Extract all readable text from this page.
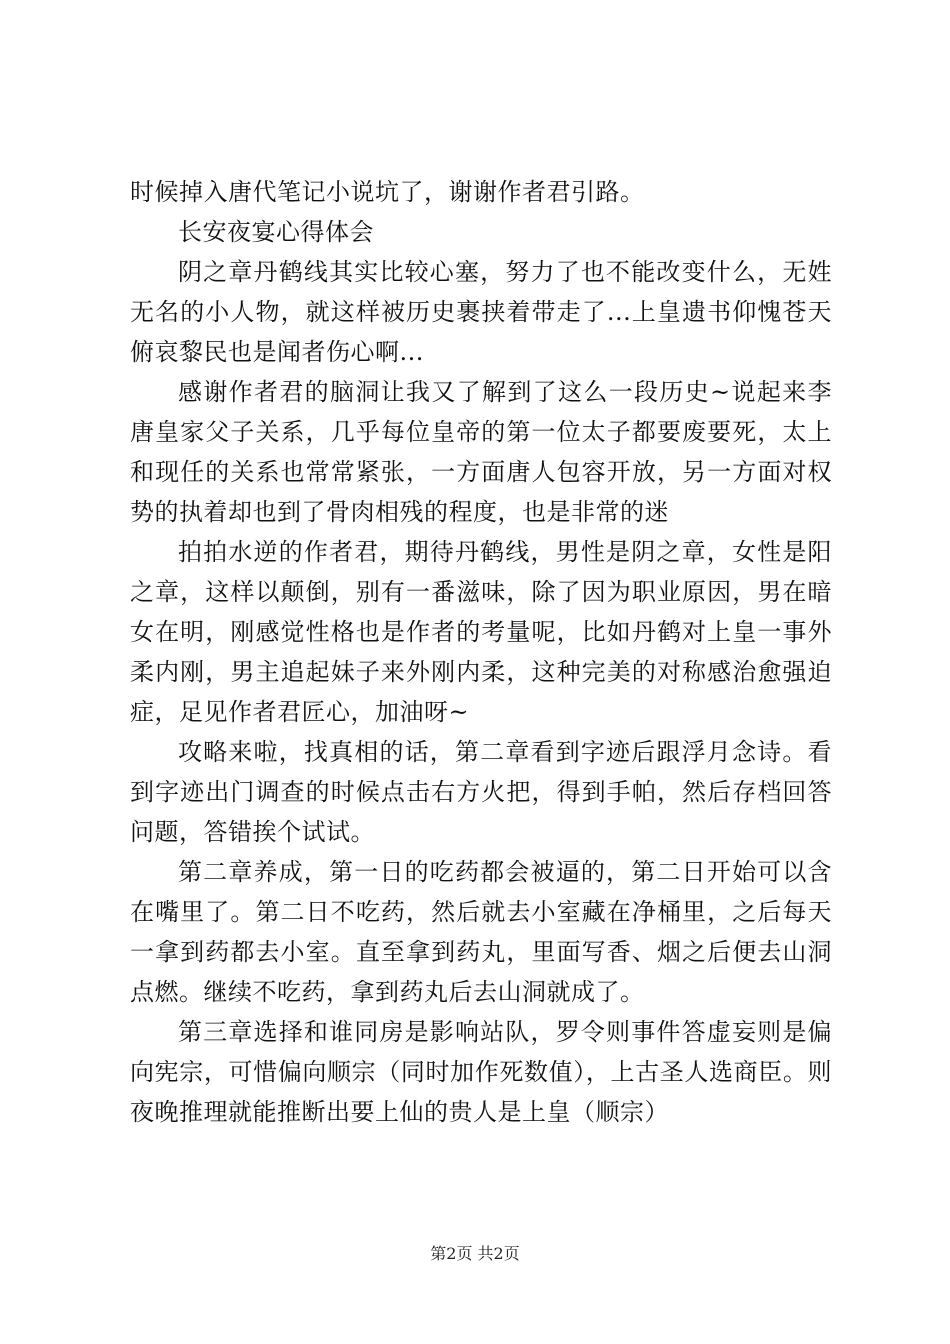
时候掉入唐代笔记小说坑了，谢谢作者君引路。

长安夜宴心得体会

阴之章丹鹤线其实比较心塞，努力了也不能改变什么，无姓无名的小人物，就这样被历史裹挟着带走了...上皇遗书仰愧苍天俯哀黎民也是闻者伤心啊...

感谢作者君的脑洞让我又了解到了这么一段历史~说起来李唐皇家父子关系，几乎每位皇帝的第一位太子都要废要死，太上和现任的关系也常常紧张，一方面唐人包容开放，另一方面对权势的执着却也到了骨肉相残的程度，也是非常的迷

拍拍水逆的作者君，期待丹鹤线，男性是阴之章，女性是阳之章，这样以颠倒，别有一番滋味，除了因为职业原因，男在暗女在明，刚感觉性格也是作者的考量呢，比如丹鹤对上皇一事外柔内刚，男主追起妹子来外刚内柔，这种完美的对称感治愈强迫症，足见作者君匠心，加油呀~

攻略来啦，找真相的话，第二章看到字迹后跟浮月念诗。看到字迹出门调查的时候点击右方火把，得到手帕，然后存档回答问题，答错挨个试试。

第二章养成，第一日的吃药都会被逼的，第二日开始可以含在嘴里了。第二日不吃药，然后就去小室藏在净桶里，之后每天一拿到药都去小室。直至拿到药丸，里面写香、烟之后便去山洞点燃。继续不吃药，拿到药丸后去山洞就成了。

第三章选择和谁同房是影响站队，罗令则事件答虚妄则是偏向宪宗，可惜偏向顺宗（同时加作死数值），上古圣人选商臣。则夜晚推理就能推断出要上仙的贵人是上皇（顺宗）

第2页 共2页
